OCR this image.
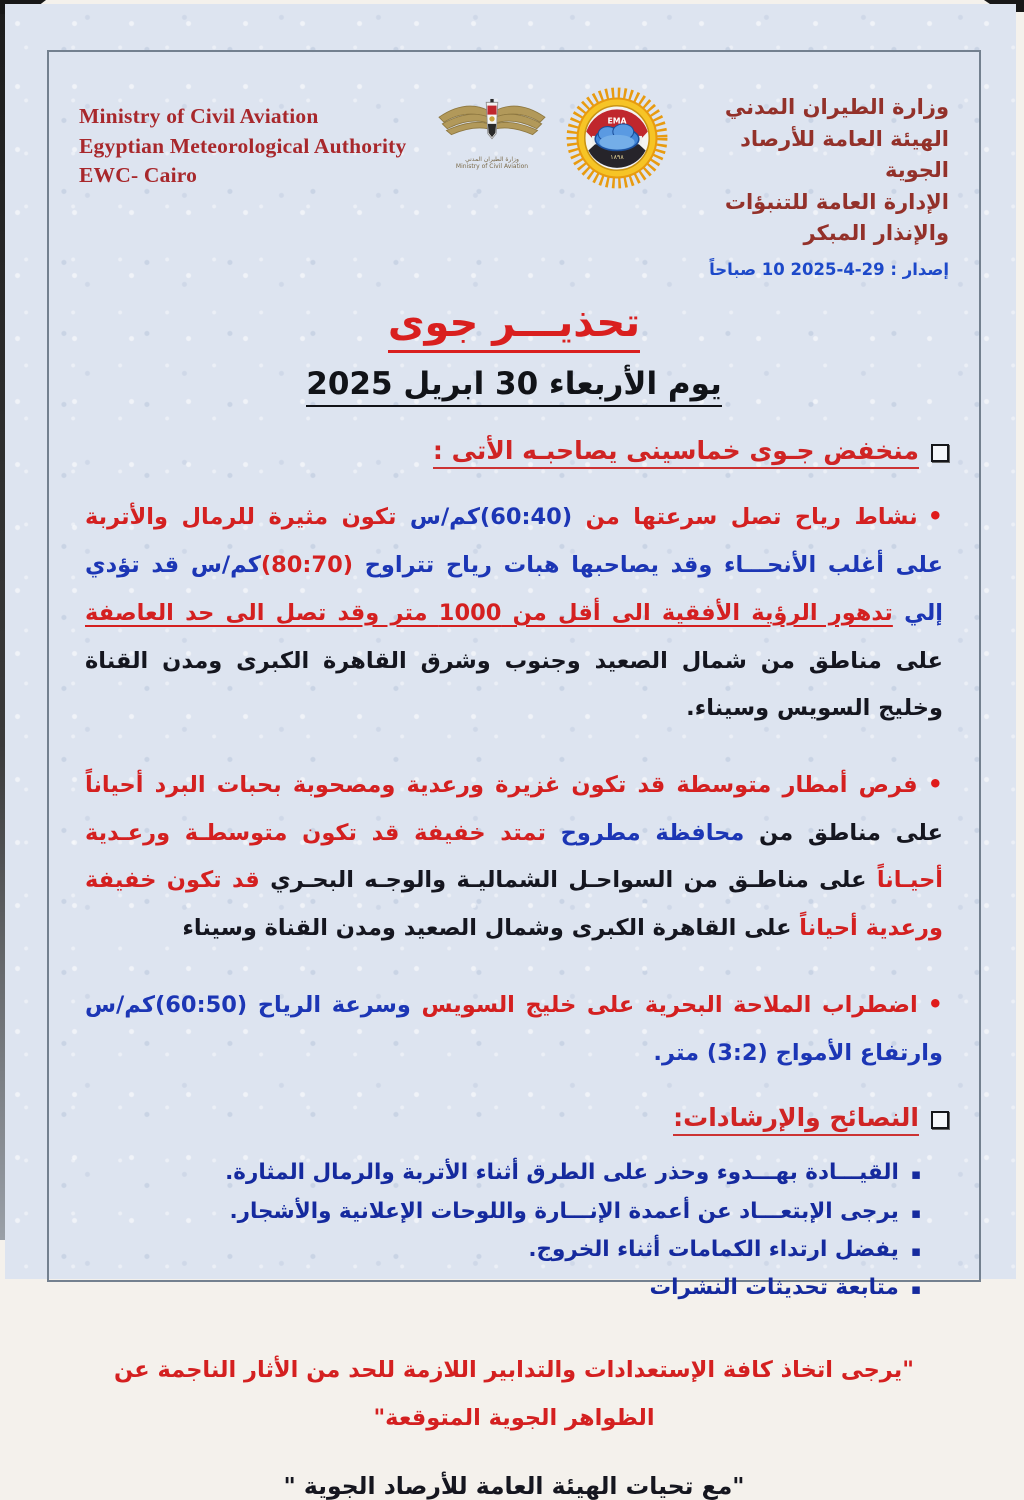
Ministry of Civil Aviation
Egyptian Meteorological Authority
EWC- Cairo
وزارة الطيران المدني
Ministry of Civil Aviation
EMA
١٨٩٨
وزارة الطيران المدني
الهيئة العامة للأرصاد الجوية
الإدارة العامة للتنبؤات والإنذار المبكر
إصدار : 29-4-2025 10 صباحاً
تحذيـــر جوى
يوم الأربعاء 30 ابريل 2025
منخفض جـوى خماسينى يصاحبـه الأتى :

•نشاط رياح تصل سرعتها من (60:40)كم/س تكون مثيرة للرمال والأتربة على أغلب الأنحـــاء وقد يصاحبها هبات رياح تتراوح (80:70)كم/س قد تؤدي إلي تدهور الرؤية الأفقية الى أقل من 1000 متر وقد تصل الى حد العاصفة على مناطق من شمال الصعيد وجنوب وشرق القاهرة الكبرى ومدن القناة وخليج السويس وسيناء.

•فرص أمطار متوسطة قد تكون غزيرة ورعدية ومصحوبة بحبات البرد أحياناً على مناطق من محافظة مطروح تمتد خفيفة قد تكون متوسطـة ورعـدية أحيـاناً على مناطـق من السواحـل الشماليـة والوجـه البحـري قد تكون خفيفة ورعدية أحياناً على القاهرة الكبرى وشمال الصعيد ومدن القناة وسيناء

•اضطراب الملاحة البحرية على خليج السويس وسرعة الرياح (60:50)كم/س وارتفاع الأمواج (3:2) متر.

النصائح والإرشادات:
▪
القيـــادة بهـــدوء وحذر على الطرق أثناء الأتربة والرمال المثارة.
▪
يرجى الإبتعـــاد عن أعمدة الإنـــارة واللوحات الإعلانية والأشجار.
▪
يفضل ارتداء الكمامات أثناء الخروج.
▪
متابعة تحديثات النشرات
"يرجى اتخاذ كافة الإستعدادات والتدابير اللازمة للحد من الأثار الناجمة عن
الظواهر الجوية المتوقعة"
"مع تحيات الهيئة العامة للأرصاد الجوية "
